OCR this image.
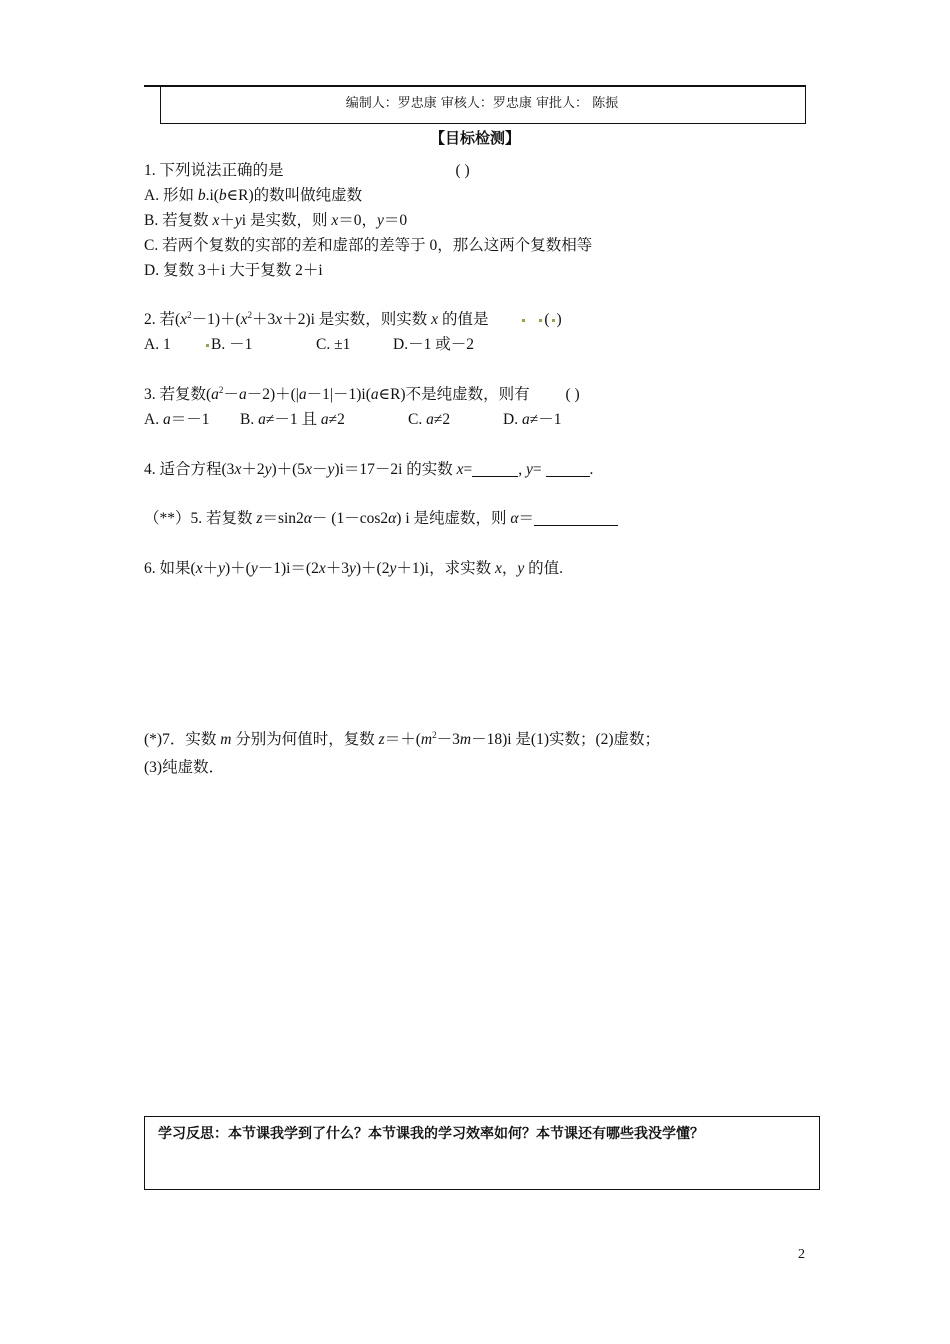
编制人：罗忠康 审核人：罗忠康 审批人： 陈振
【目标检测】
1. 下列说法正确的是	( )
A. 形如 b.i(b∈R)的数叫做纯虚数
B. 若复数 x＋yi 是实数，则 x＝0，y＝0
C. 若两个复数的实部的差和虚部的差等于 0，那么这两个复数相等
D. 复数 3＋i 大于复数 2＋i
2. 若$(x^2-1)+(x^2+3x+2)i$ 是实数，则实数 x 的值是	( )
A. 1	B. －1	C. ±1	D.－1 或－2
3. 若复数$(a^2-a-2)+(|a-1|-1)i(a\in R)$不是纯虚数，则有 ( )
A. a＝－1 B. a≠－1 且 a≠2	C. a≠2	D. a≠－1
4. 适合方程(3x＋2y)＋(5x－y)i＝17－2i 的实数 x=	, y=	.
（**）5. 若复数 z＝sin2α－ (1－cos2α) i 是纯虚数，则 α＝
6. 如果(x＋y)＋(y－1)i＝(2x＋3y)＋(2y＋1)i，求实数 x，y 的值.
(*)7．实数 m 分别为何值时，复数 $z=+(m^2-3m-18)i$ 是(1)实数；(2)虚数；
(3)纯虚数．
学习反思：本节课我学到了什么？本节课我的学习效率如何？本节课还有哪些我没学懂？
2
